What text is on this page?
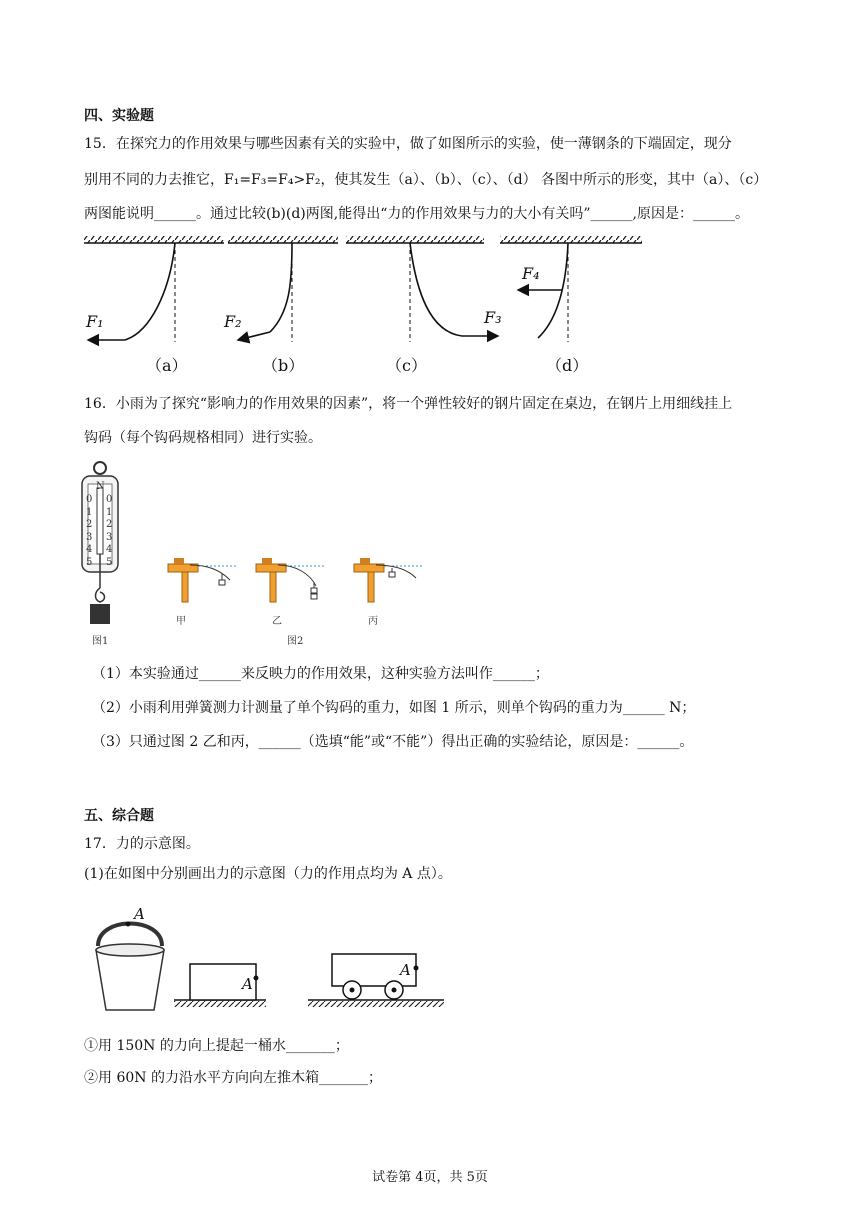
四、实验题
15．在探究力的作用效果与哪些因素有关的实验中，做了如图所示的实验，使一薄钢条的下端固定，现分
别用不同的力去推它，F₁=F₃=F₄>F₂，使其发生（a）、（b）、（c）、（d） 各图中所示的形变，其中（a）、（c）
两图能说明______。通过比较(b)(d)两图,能得出“力的作用效果与力的大小有关吗”______,原因是：______。
F₁	F₂	F₃
F₄
（a）	（b）	（c）	（d）
16．小雨为了探究“影响力的作用效果的因素”，将一个弹性较好的钢片固定在桌边，在钢片上用细线挂上
钩码（每个钩码规格相同）进行实验。
N
0
1
2
3
4
5
0
1
2
3
4
5
图1
甲	乙	丙
图2
（1）本实验通过______来反映力的作用效果，这种实验方法叫作______；
（2）小雨利用弹簧测力计测量了单个钩码的重力，如图 1 所示，则单个钩码的重力为______ N；
（3）只通过图 2 乙和丙，______（选填“能”或“不能”）得出正确的实验结论，原因是：______。
五、综合题
17．力的示意图。
(1)在如图中分别画出力的示意图（力的作用点均为 A 点）。
A
A
A
①用 150N 的力向上提起一桶水_______；
②用 60N 的力沿水平方向向左推木箱_______；
试卷第 4页，共 5页
